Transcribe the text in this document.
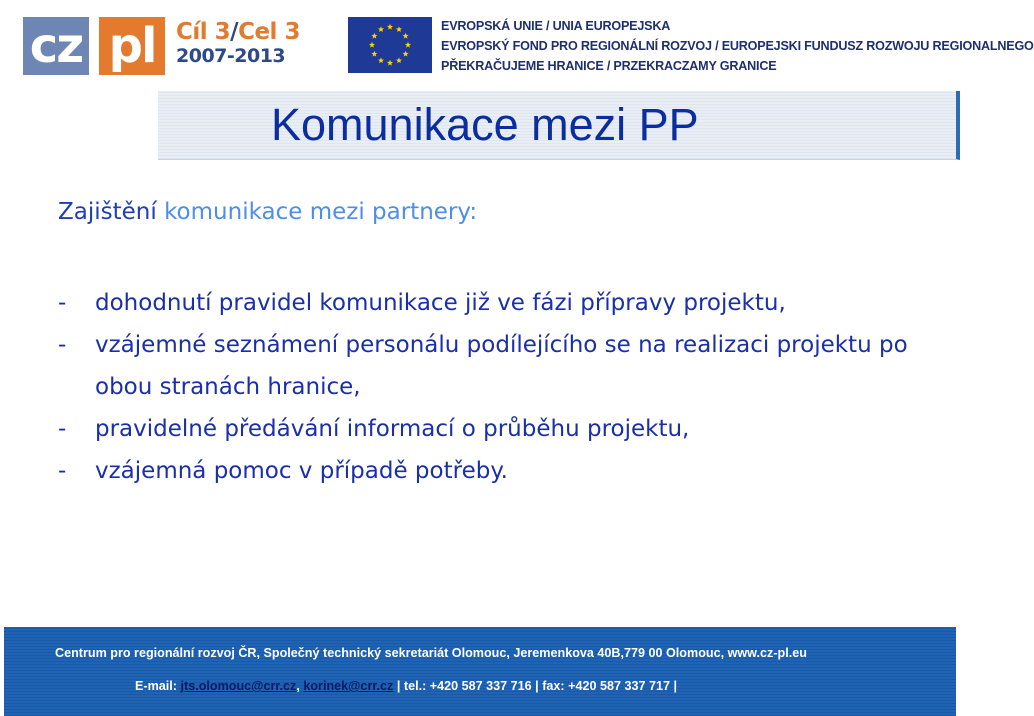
cz pl Cíl 3/Cel 3
2007-2013
EVROPSKÁ UNIE / UNIA EUROPEJSKA
EVROPSKÝ FOND PRO REGIONÁLNÍ ROZVOJ / EUROPEJSKI FUNDUSZ ROZWOJU REGIONALNEGO
PŘEKRAČUJEME HRANICE / PRZEKRACZAMY GRANICE
Komunikace mezi PP

Zajištění komunikace mezi partnery:

- dohodnutí pravidel komunikace již ve fázi přípravy projektu,
- vzájemné seznámení personálu podílejícího se na realizaci projektu po obou stranách hranice,
- pravidelné předávání informací o průběhu projektu,
- vzájemná pomoc v případě potřeby.
Centrum pro regionální rozvoj ČR, Společný technický sekretariát Olomouc, Jeremenkova 40B,779 00 Olomouc, www.cz-pl.eu
E-mail: jts.olomouc@crr.cz, korinek@crr.cz | tel.: +420 587 337 716 | fax: +420 587 337 717 |
